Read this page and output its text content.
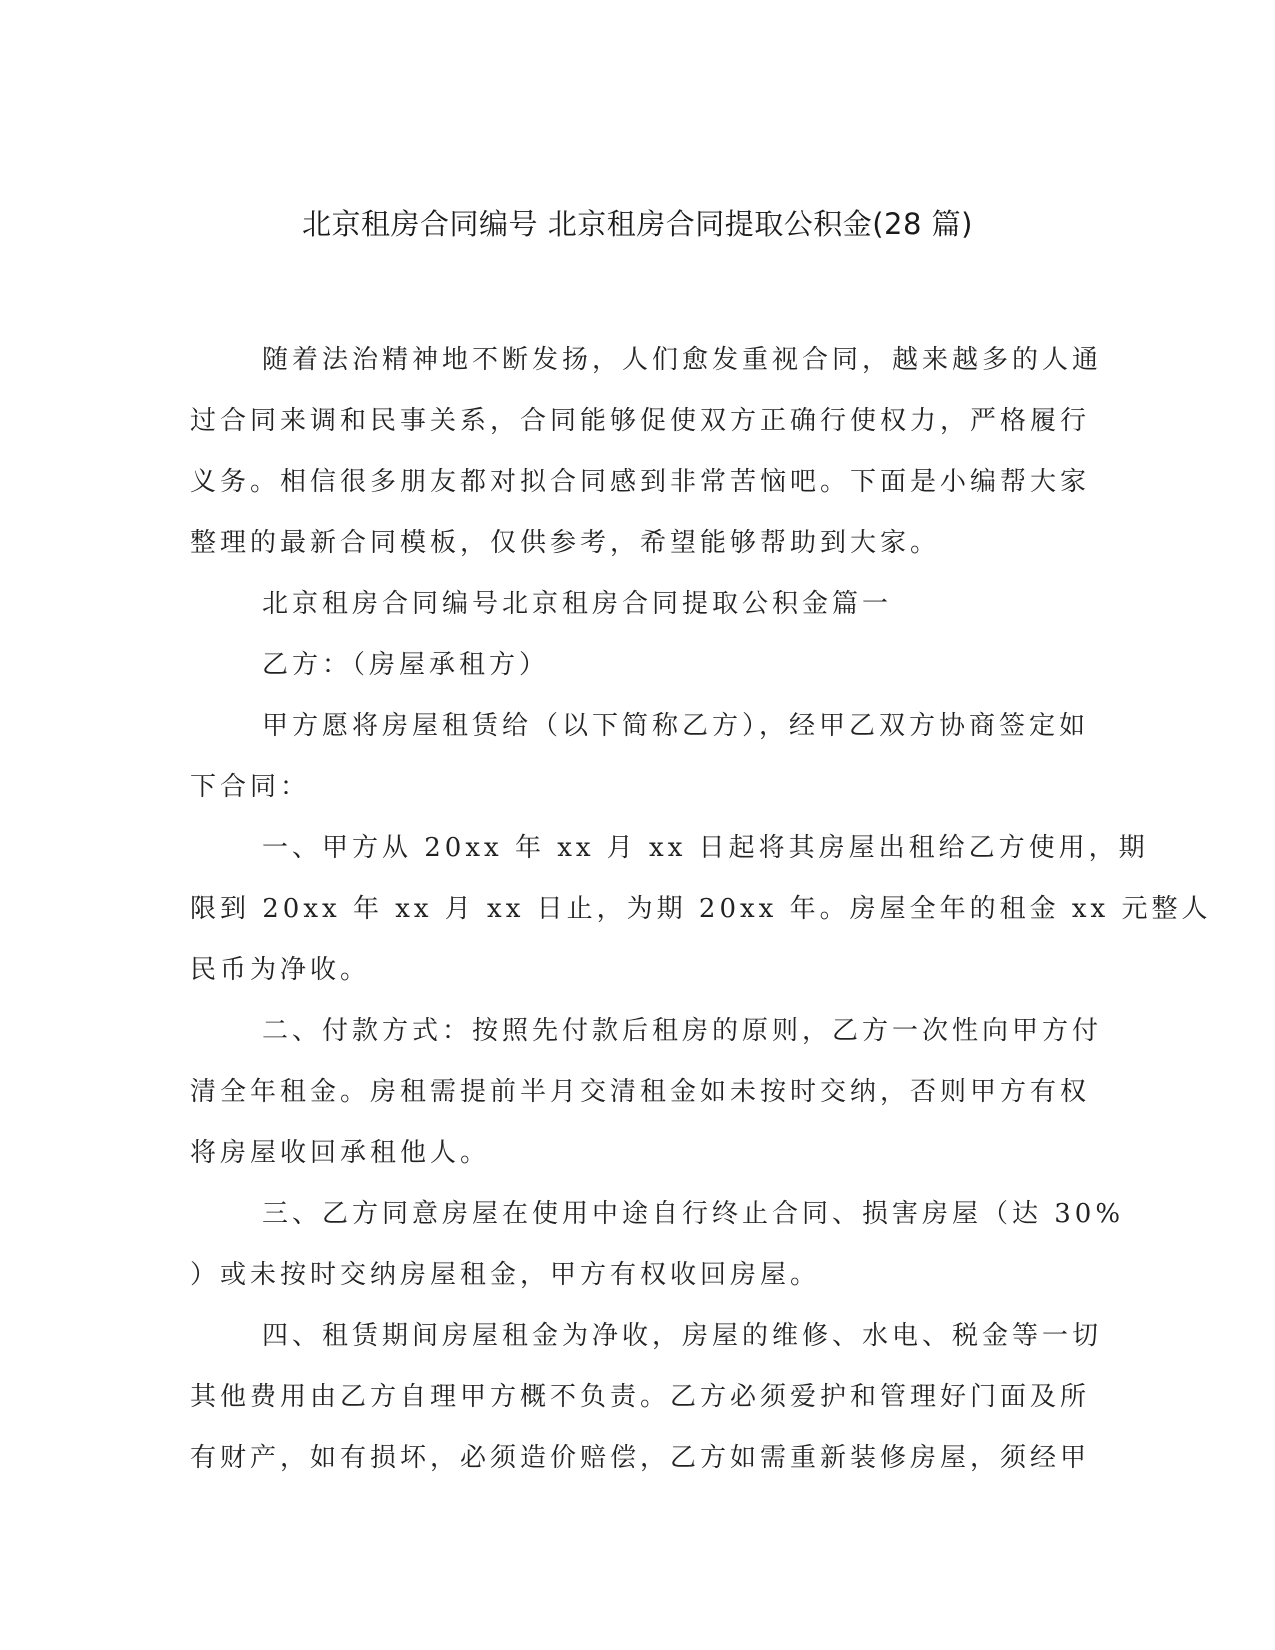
北京租房合同编号 北京租房合同提取公积金(28 篇)

随着法治精神地不断发扬，人们愈发重视合同，越来越多的人通
过合同来调和民事关系，合同能够促使双方正确行使权力，严格履行
义务。相信很多朋友都对拟合同感到非常苦恼吧。下面是小编帮大家
整理的最新合同模板，仅供参考，希望能够帮助到大家。

北京租房合同编号北京租房合同提取公积金篇一

乙方：（房屋承租方）

甲方愿将房屋租赁给（以下简称乙方），经甲乙双方协商签定如
下合同：

一、甲方从 20xx 年 xx 月 xx 日起将其房屋出租给乙方使用，期
限到 20xx 年 xx 月 xx 日止，为期 20xx 年。房屋全年的租金 xx 元整人
民币为净收。

二、付款方式：按照先付款后租房的原则，乙方一次性向甲方付
清全年租金。房租需提前半月交清租金如未按时交纳，否则甲方有权
将房屋收回承租他人。

三、乙方同意房屋在使用中途自行终止合同、损害房屋（达 30%
）或未按时交纳房屋租金，甲方有权收回房屋。

四、租赁期间房屋租金为净收，房屋的维修、水电、税金等一切
其他费用由乙方自理甲方概不负责。乙方必须爱护和管理好门面及所
有财产，如有损坏，必须造价赔偿，乙方如需重新装修房屋，须经甲
